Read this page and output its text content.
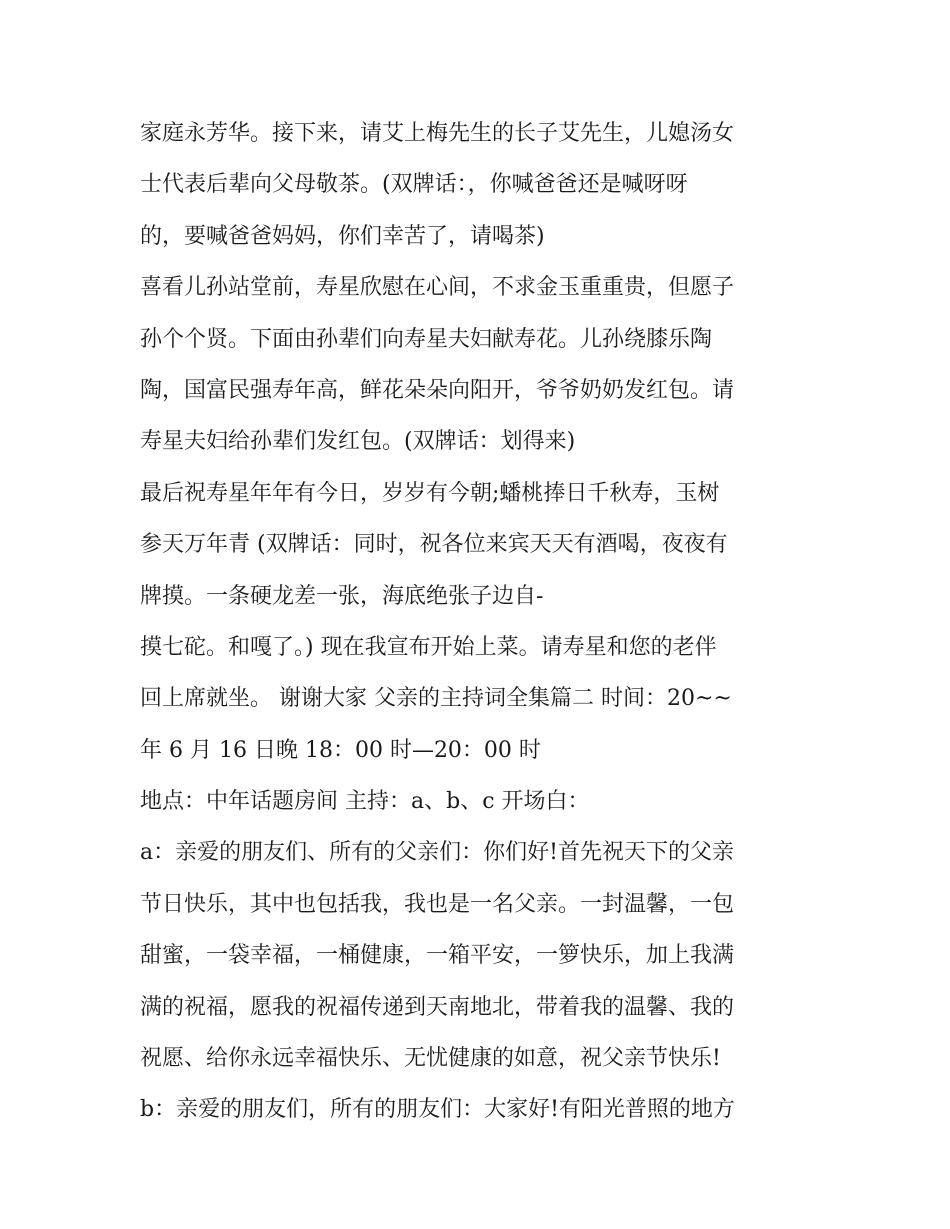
家庭永芳华。接下来，请艾上梅先生的长子艾先生，儿媳汤女
士代表后辈向父母敬茶。(双牌话：，你喊爸爸还是喊呀呀
的，要喊爸爸妈妈，你们幸苦了，请喝茶)
喜看儿孙站堂前，寿星欣慰在心间，不求金玉重重贵，但愿子
孙个个贤。下面由孙辈们向寿星夫妇献寿花。儿孙绕膝乐陶
陶，国富民强寿年高，鲜花朵朵向阳开，爷爷奶奶发红包。请
寿星夫妇给孙辈们发红包。(双牌话：划得来)
最后祝寿星年年有今日，岁岁有今朝;蟠桃捧日千秋寿，玉树
参天万年青 (双牌话：同时，祝各位来宾天天有酒喝，夜夜有
牌摸。一条硬龙差一张，海底绝张子边自-
摸七砣。和嘎了。) 现在我宣布开始上菜。请寿星和您的老伴
回上席就坐。 谢谢大家 父亲的主持词全集篇二 时间：20~~
年 6 月 16 日晚 18：00 时—20：00 时
地点：中年话题房间 主持：a、b、c 开场白：
a：亲爱的朋友们、所有的父亲们：你们好!首先祝天下的父亲
节日快乐，其中也包括我，我也是一名父亲。一封温馨，一包
甜蜜，一袋幸福，一桶健康，一箱平安，一箩快乐，加上我满
满的祝福，愿我的祝福传递到天南地北，带着我的温馨、我的
祝愿、给你永远幸福快乐、无忧健康的如意，祝父亲节快乐!
b：亲爱的朋友们，所有的朋友们：大家好!有阳光普照的地方
